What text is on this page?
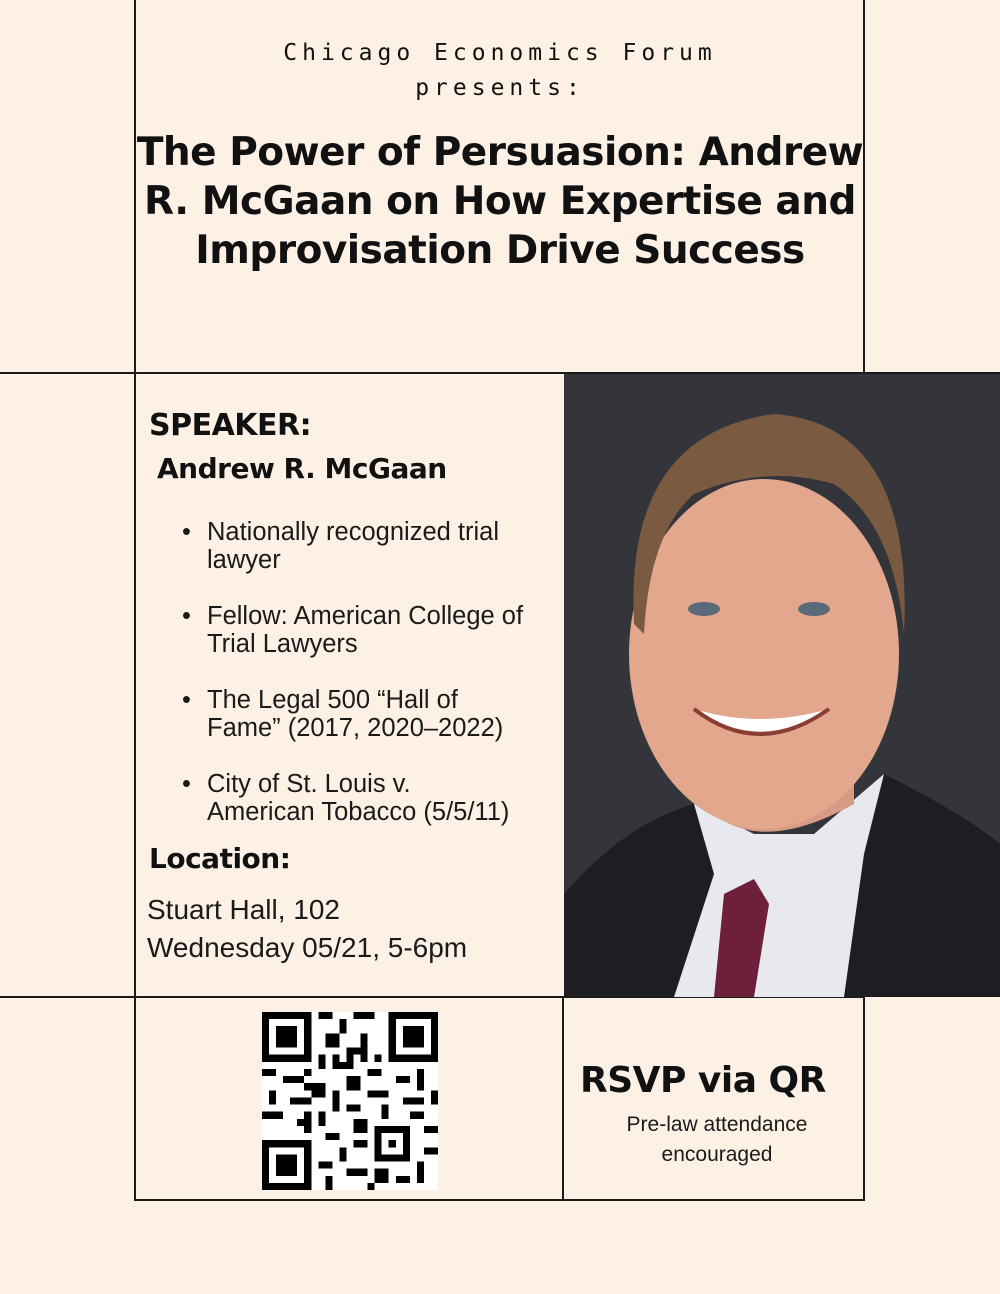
Chicago Economics Forum
presents:
The Power of Persuasion: Andrew
R. McGaan on How Expertise and
Improvisation Drive Success
SPEAKER:
Andrew R. McGaan
• Nationally recognized trial
lawyer
• Fellow: American College of
Trial Lawyers
• The Legal 500 “Hall of
Fame” (2017, 2020–2022)
• City of St. Louis v.
American Tobacco (5/5/11)
Location:
Stuart Hall, 102
Wednesday 05/21, 5-6pm
RSVP via QR
Pre-law attendance
encouraged
